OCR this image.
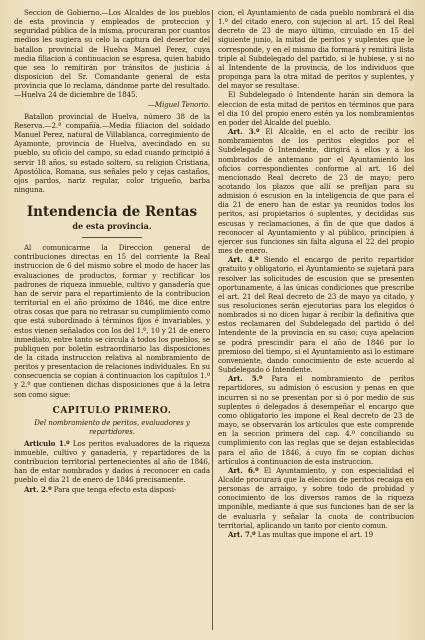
Seccion de Gobierno.—Los Alcaldes de los pueblos de esta provincia y empleados de proteccion y seguridad pública de la misma, procuraran por cuantos medios les sugiera su celo la captura del desertor del batallon provincial de Huelva Manuel Perez, cuya media filiacion á continuacion se espresa, quien habido que sea lo remitirán por tránsitos de justicia á disposicion del Sr. Comandante general de esta provincia que lo reclama, dándome parte del resultado.—Huelva 24 de diciembre de 1845.

—Miguel Tenorio.

Batallon provincial de Huelva, número 38 de la Reserva.—2.ª compañía.—Media filiacion del soldado Manuel Perez, natural de Villablanca, corregimiento de Ayamonte, provincia de Huelva, avecindado en su pueblo, su oficio del campo, su edad cuando principió á servir 18 años, su estado soltero, su religion Cristiana, Apostólica, Romana, sus señales pelo y cejas castaños, ojos pardos, nariz regular, color trigueño, barba ninguna.

Intendencia de Rentas
de esta provincia.

Al comunicarme la Direccion general de contribuciones directas en 15 del corriente la Real instruccion de 6 del mismo sobre el modo de hacer las evaluaciones de productos, formar y rectificar los padrones de riqueza inmueble, cultivo y ganadería que han de servir para el repartimiento de la contribucion territorial en el año próximo de 1846, me dice entre otras cosas que para no retrasar su cumplimiento como que está subordinado á términos fijos é invariables, y estos vienen señalados con los del 1.º, 10 y 21 de enero inmediato, entre tanto se circula á todos los pueblos, se publiquen por boletin estraordinario las disposiciones de la citada instruccion relativa al nombramiento de peritos y presentacion de relaciones individuales. En su consecuencia se copian á continuacion los capítulos 1.º y 2.º que contienen dichas disposiciones que á la letra son como sigue:

CAPITULO PRIMERO.
Del nombramiento de peritos, evaluadores y repartidores.

Articulo 1.º Los peritos evaluadores de la riqueza inmueble, cultivo y ganadería, y repartidores de la contribucion territorial pertenecientes al año de 1846, han de estar nombrados y dados á reconocer en cada pueblo el dia 21 de enero de 1846 precisamente.

Art. 2.º Para que tenga efecto esta disposi-

cion, el Ayuntamiento de cada pueblo nombrará el dia 1.º del citado enero, con sujecion al art. 15 del Real decreto de 23 de mayo último, circulado en 15 del siguiente junio, la mitad de peritos y suplentes que le corresponde, y en el mismo dia formará y remitirá lista triple al Subdelegado del partido, si le hubiese, y si no al Intendente de la provincia, de los individuos que proponga para la otra mitad de peritos y suplentes, y del mayor se resultase.

El Subdelegado ó Intendente harán sin demora la eleccion de esta mitad de peritos en términos que para el dia 10 del propio enero estén ya los nombramientos en poder del Alcalde del pueblo.

Art. 3.º El Alcalde, en el acto de recibir los nombramientos de los peritos elegidos por el Subdelegado ó Intendente, dirigirá á ellos y á los nombrados de antemano por el Ayuntamiento los oficios correspondientes conforme al art. 16 del mencionado Real decreto de 23 de mayo; pero acotando los plazos que allí se prefijan para su admision ó escusion en la inteligencia de que para el dia 21 de enero han de estar ya reunidos todos los peritos, asi propietarios ó suplentes, y decididas sus escusas y reclamaciones, á fin de que que dados á reconocer al Ayuntamiento y al público, principien á ejercer sus funciones sin falta alguna el 22 del propio mes de enero.

Art. 4.º Siendo el encargo de perito repartidor gratuito y obligatorio, el Ayuntamiento se sujetará para resolver las solicitudes de escusion que se presenten oportunamente, á las únicas condiciones que prescribe el art. 21 del Real decreto de 23 de mayo ya citado, y sus resoluciones serán ejecutorias para los elegidos ó nombrados si no dicen lugar á recibir la definitiva que estos reclamaren del Subdelegado del partido ó del Intendente de la provincia en su caso; cuya apelacion se podrá prescindir para el año de 1846 por lo premioso del tiempo, si el Ayuntamiento asi lo estimare conveniente, dando conocimiento de este acuerdo al Subdelegado ó Intendente.

Art. 5.º Para el nombramiento de peritos repartidores, su admision ó escusion y penas en que incurren si no se presentan por si ó por medio de sus suplentes ó delegados á desempeñar el encargo que como obligatorio les impone el Real decreto de 23 de mayo, se observarán los artículos que este comprende en la seccion primera del cap. 4.º conciliando su cumplimiento con las reglas que se dejan establecidas para el año de 1846, á cuyo fin se copian dichos artículos á continuacion de esta instruccion.

Art. 6.º El Ayuntamiento, y con especialidad el Alcalde procurará que la eleccion de peritos recaiga en personas de arraigo, y sobre todo de probidad y conocimiento de los diversos ramos de la riqueza imponible, mediante á que sus funciones han de ser la de evaluarla y señalar la cuota de contribucion territorial, aplicando un tanto por ciento comun.

Art. 7.º Las multas que impone el art. 19
